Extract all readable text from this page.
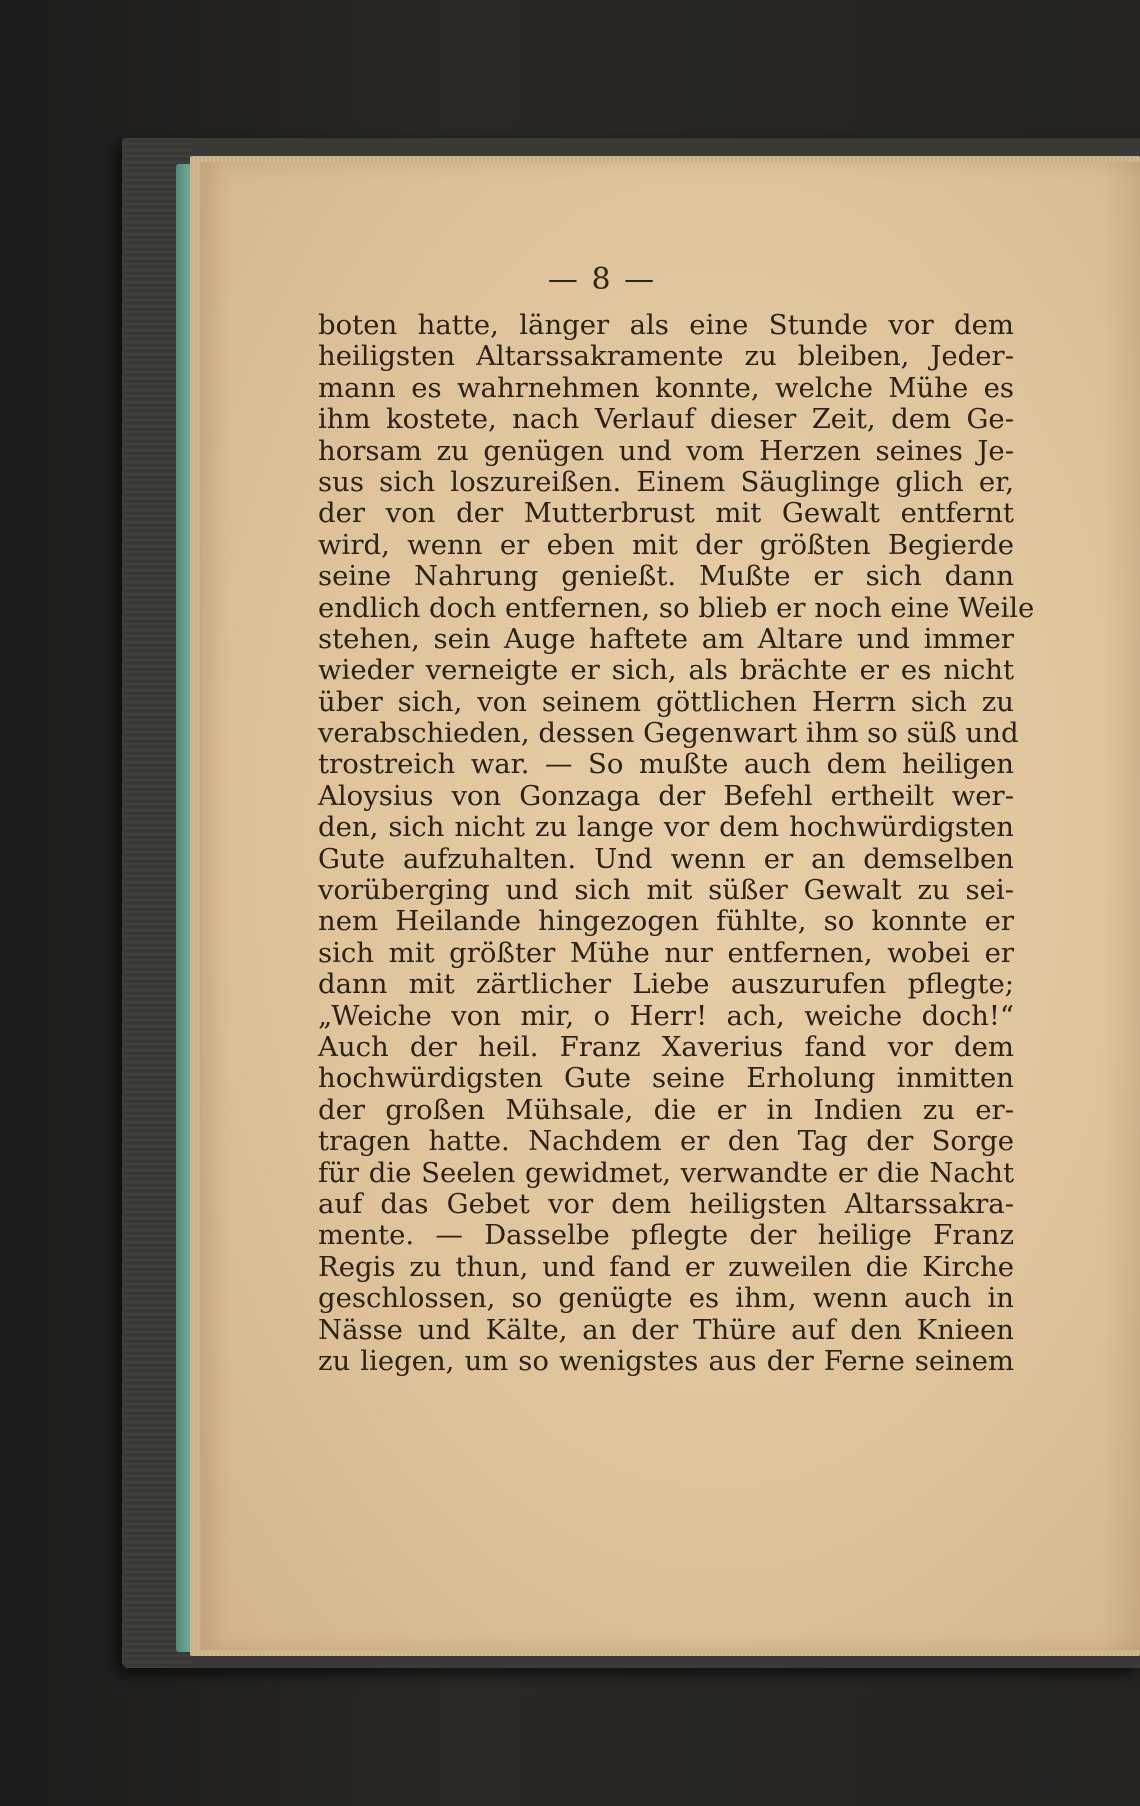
— 8 —
boten hatte, länger als eine Stunde vor dem
heiligsten Altarssakramente zu bleiben, Jeder-
mann es wahrnehmen konnte, welche Mühe es
ihm kostete, nach Verlauf dieser Zeit, dem Ge-
horsam zu genügen und vom Herzen seines Je-
sus sich loszureißen. Einem Säuglinge glich er,
der von der Mutterbrust mit Gewalt entfernt
wird, wenn er eben mit der größten Begierde
seine Nahrung genießt. Mußte er sich dann
endlich doch entfernen, so blieb er noch eine Weile
stehen, sein Auge haftete am Altare und immer
wieder verneigte er sich, als brächte er es nicht
über sich, von seinem göttlichen Herrn sich zu
verabschieden, dessen Gegenwart ihm so süß und
trostreich war. — So mußte auch dem heiligen
Aloysius von Gonzaga der Befehl ertheilt wer-
den, sich nicht zu lange vor dem hochwürdigsten
Gute aufzuhalten. Und wenn er an demselben
vorüberging und sich mit süßer Gewalt zu sei-
nem Heilande hingezogen fühlte, so konnte er
sich mit größter Mühe nur entfernen, wobei er
dann mit zärtlicher Liebe auszurufen pflegte;
„Weiche von mir, o Herr! ach, weiche doch!“
Auch der heil. Franz Xaverius fand vor dem
hochwürdigsten Gute seine Erholung inmitten
der großen Mühsale, die er in Indien zu er-
tragen hatte. Nachdem er den Tag der Sorge
für die Seelen gewidmet, verwandte er die Nacht
auf das Gebet vor dem heiligsten Altarssakra-
mente. — Dasselbe pflegte der heilige Franz
Regis zu thun, und fand er zuweilen die Kirche
geschlossen, so genügte es ihm, wenn auch in
Nässe und Kälte, an der Thüre auf den Knieen
zu liegen, um so wenigstes aus der Ferne seinem
